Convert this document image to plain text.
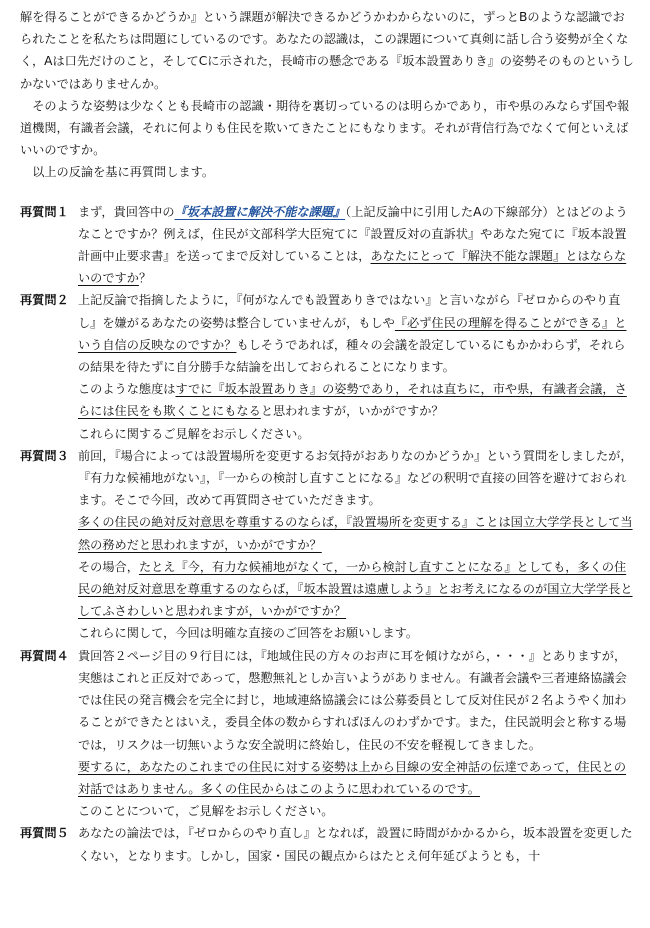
解を得ることができるかどうか』という課題が解決できるかどうかわからないのに，ずっとBのような認識でおられたことを私たちは問題にしているのです。あなたの認識は，この課題について真剣に話し合う姿勢が全くなく，Aは口先だけのこと，そしてCに示された，長崎市の懸念である『坂本設置ありき』の姿勢そのものというしかないではありませんか。

そのような姿勢は少なくとも長崎市の認識・期待を裏切っているのは明らかであり，市や県のみならず国や報道機関，有識者会議，それに何よりも住民を欺いてきたことにもなります。それが背信行為でなくて何といえばいいのですか。

以上の反論を基に再質問します。

再質問１ まず，貴回答中の『坂本設置に解決不能な課題』（上記反論中に引用したAの下線部分）とはどのようなことですか？例えば，住民が文部科学大臣宛てに『設置反対の直訴状』やあなた宛てに『坂本設置計画中止要求書』を送ってまで反対していることは，あなたにとって『解決不能な課題』とはならないのですか？

再質問２ 上記反論で指摘したように，『何がなんでも設置ありきではない』と言いながら『ゼロからのやり直し』を嫌がるあなたの姿勢は整合していませんが，もしや『必ず住民の理解を得ることができる』という自信の反映なのですか？もしそうであれば，種々の会議を設定しているにもかかわらず，それらの結果を待たずに自分勝手な結論を出しておられることになります。

このような態度はすでに『坂本設置ありき』の姿勢であり，それは直ちに，市や県，有識者会議，さらには住民をも欺くことにもなると思われますが，いかがですか？

これらに関するご見解をお示しください。

再質問３ 前回，『場合によっては設置場所を変更するお気持がおありなのかどうか』という質問をしましたが，『有力な候補地がない』，『一からの検討し直すことになる』などの釈明で直接の回答を避けておられます。そこで今回，改めて再質問させていただきます。

多くの住民の絶対反対意思を尊重するのならば，『設置場所を変更する』ことは国立大学学長として当然の務めだと思われますが，いかがですか？

その場合，たとえ『今，有力な候補地がなくて，一から検討し直すことになる』としても，多くの住民の絶対反対意思を尊重するのならば，『坂本設置は遠慮しよう』とお考えになるのが国立大学学長としてふさわしいと思われますが，いかがですか？

これらに関して，今回は明確な直接のご回答をお願いします。

再質問４ 貴回答２ページ目の９行目には，『地域住民の方々のお声に耳を傾けながら，・・・』とありますが，実態はこれと正反対であって，慇懃無礼としか言いようがありません。有識者会議や三者連絡協議会では住民の発言機会を完全に封じ，地域連絡協議会には公募委員として反対住民が２名ようやく加わることができたとはいえ，委員全体の数からすればほんのわずかです。また，住民説明会と称する場では，リスクは一切無いような安全説明に終始し，住民の不安を軽視してきました。

要するに，あなたのこれまでの住民に対する姿勢は上から目線の安全神話の伝達であって，住民との対話ではありません。多くの住民からはこのように思われているのです。

このことについて，ご見解をお示しください。

再質問５ あなたの論法では，『ゼロからのやり直し』となれば，設置に時間がかかるから，坂本設置を変更したくない，となります。しかし，国家・国民の観点からはたとえ何年延びようとも，十
